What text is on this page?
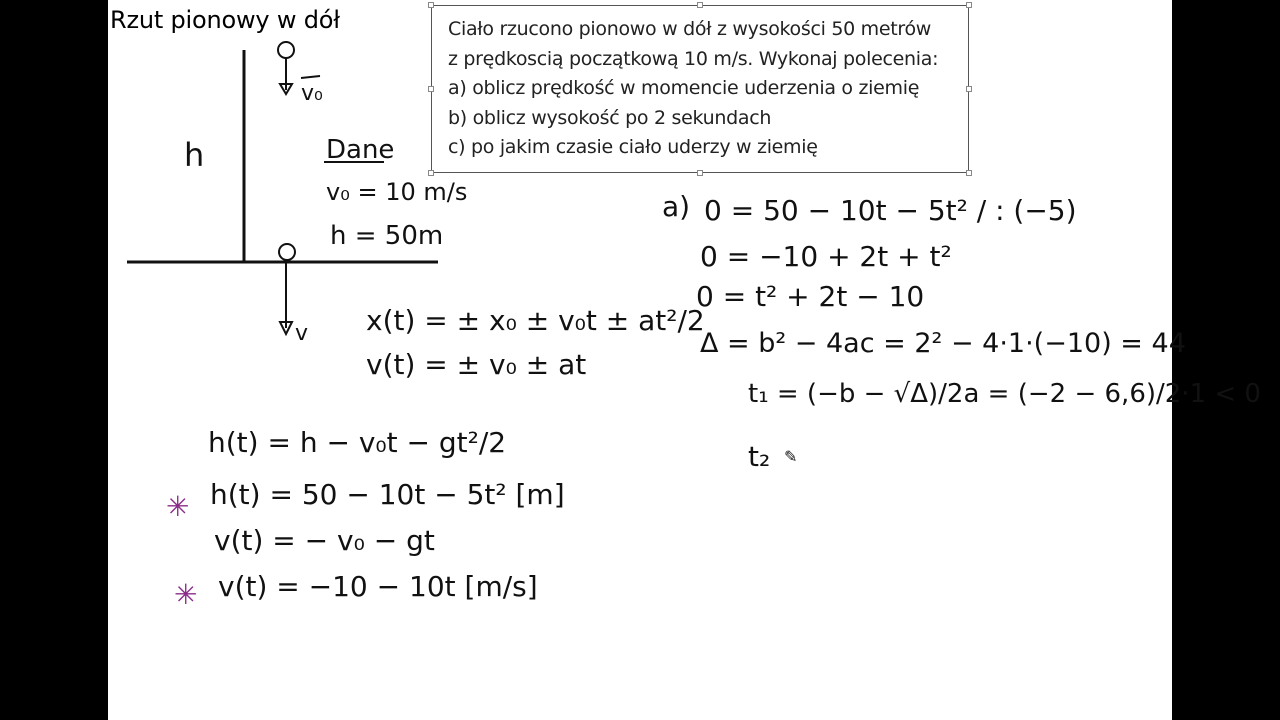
Rzut pionowy w dół	Ciało rzucono pionowo w dół z wysokości 50 metrów
z prędkoscią początkową 10 m/s. Wykonaj polecenia:
a) oblicz prędkość w momencie uderzenia o ziemię
b) oblicz wysokość po 2 sekundach
c) po jakim czasie ciało uderzy w ziemię
h
v₀
v
Dane
v₀ = 10 m/s
h = 50m
x(t) = ± x₀ ± v₀t ± at²/2
v(t) = ± v₀ ± at
h(t) = h − v₀t − gt²/2
✳ h(t) = 50 − 10t − 5t² [m]
v(t) = − v₀ − gt
✳ v(t) = −10 − 10t [m/s]
a) 0 = 50 − 10t − 5t² / : (−5)
0 = −10 + 2t + t²
0 = t² + 2t − 10
Δ = b² − 4ac = 2² − 4·1·(−10) = 44
t₁ = (−b − √Δ)/2a = (−2 − 6,6)/2·1 < 0
t₂ ✎
